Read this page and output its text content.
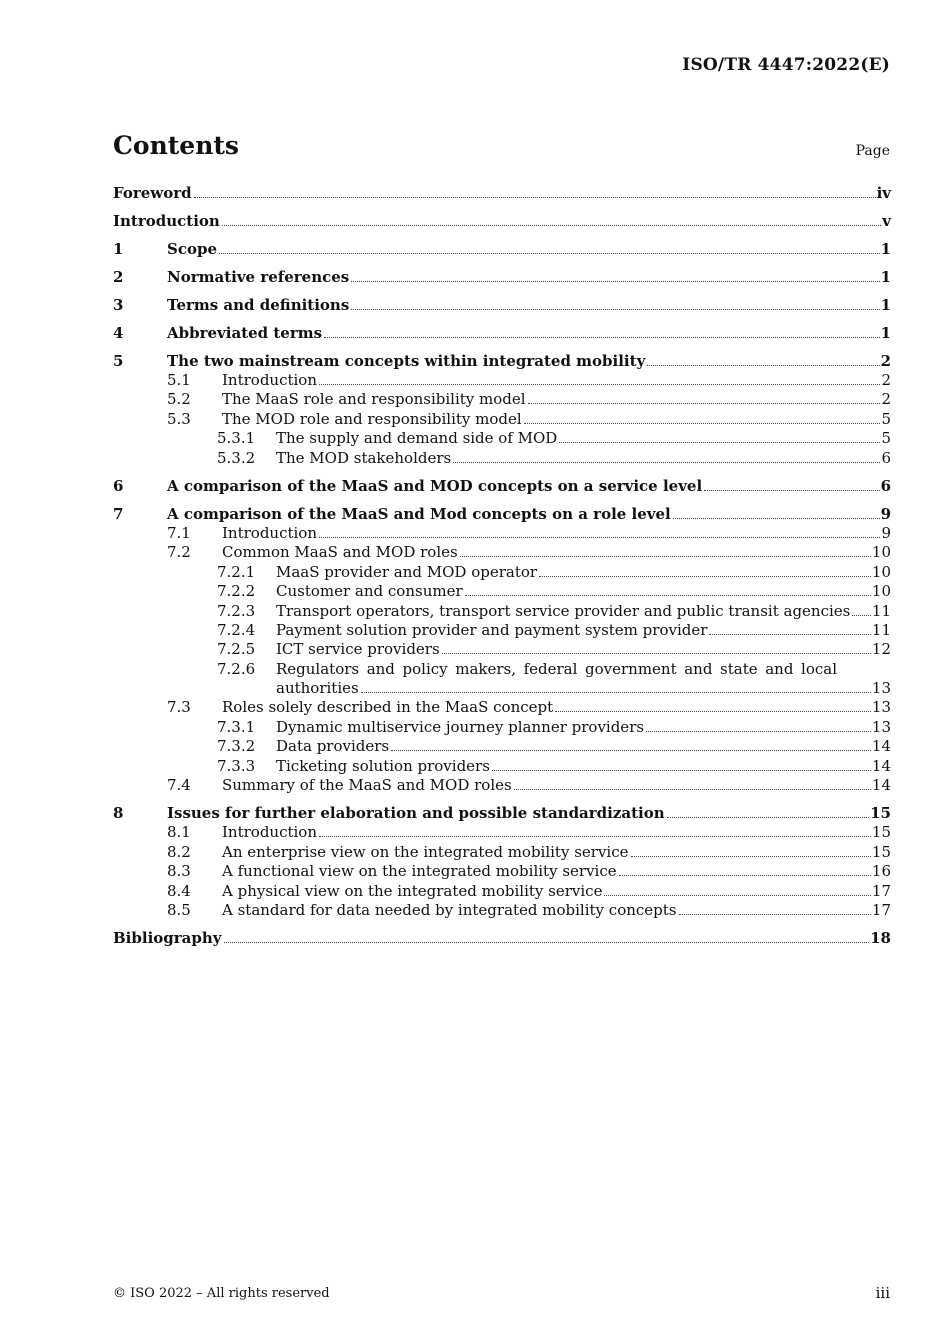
ISO/TR 4447:2022(E)
Contents	Page
Foreword	iv
Introduction	v
1	Scope	1
2	Normative references	1
3	Terms and definitions	1
4	Abbreviated terms	1
5	The two mainstream concepts within integrated mobility	2
5.1 Introduction	2
5.2 The MaaS role and responsibility model	2
5.3 The MOD role and responsibility model	5
5.3.1 The supply and demand side of MOD	5
5.3.2 The MOD stakeholders	6
6	A comparison of the MaaS and MOD concepts on a service level	6
7	A comparison of the MaaS and Mod concepts on a role level	9
7.1 Introduction	9
7.2 Common MaaS and MOD roles	10
7.2.1 MaaS provider and MOD operator	10
7.2.2 Customer and consumer	10
7.2.3 Transport operators, transport service provider and public transit agencies 11
7.2.4 Payment solution provider and payment system provider	11
7.2.5 ICT service providers	12
7.2.6 Regulators and policy makers, federal government and state and local
authorities	13
7.3 Roles solely described in the MaaS concept	13
7.3.1 Dynamic multiservice journey planner providers	13
7.3.2 Data providers	14
7.3.3 Ticketing solution providers	14
7.4 Summary of the MaaS and MOD roles	14
8	Issues for further elaboration and possible standardization	15
8.1 Introduction	15
8.2 An enterprise view on the integrated mobility service	15
8.3 A functional view on the integrated mobility service	16
8.4 A physical view on the integrated mobility service	17
8.5 A standard for data needed by integrated mobility concepts	17
Bibliography	18
© ISO 2022 – All rights reserved	iii
